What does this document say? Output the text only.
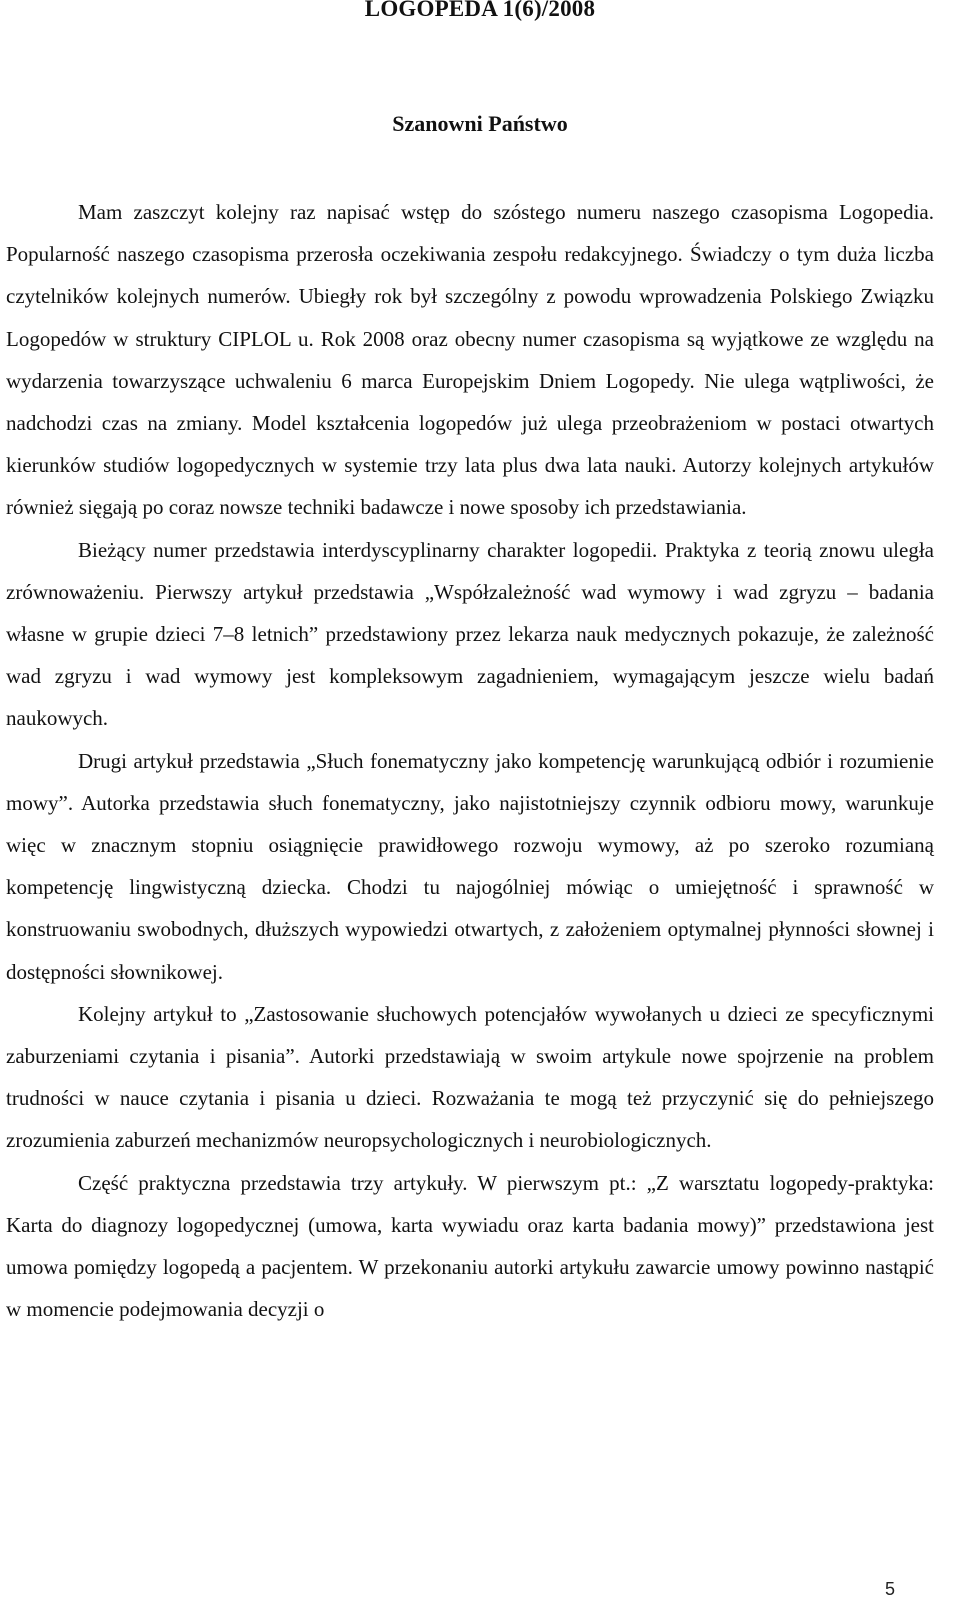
LOGOPEDA 1(6)/2008
Szanowni Państwo

Mam zaszczyt kolejny raz napisać wstęp do szóstego numeru naszego czasopisma Logopedia. Popularność naszego czasopisma przerosła oczekiwania zespołu redakcyjnego. Świadczy o tym duża liczba czytelników kolejnych numerów. Ubiegły rok był szczególny z powodu wprowadzenia Polskiego Związku Logopedów w struktury CIPLOL u. Rok 2008 oraz obecny numer czasopisma są wyjątkowe ze względu na wydarzenia towarzyszące uchwaleniu 6 marca Europejskim Dniem Logopedy. Nie ulega wątpliwości, że nadchodzi czas na zmiany. Model kształcenia logopedów już ulega przeobrażeniom w postaci otwartych kierunków studiów logopedycznych w systemie trzy lata plus dwa lata nauki. Autorzy kolejnych artykułów również sięgają po coraz nowsze techniki badawcze i nowe sposoby ich przedstawiania.

Bieżący numer przedstawia interdyscyplinarny charakter logopedii. Praktyka z teorią znowu uległa zrównoważeniu. Pierwszy artykuł przedstawia „Współzależność wad wymowy i wad zgryzu – badania własne w grupie dzieci 7–8 letnich” przedstawiony przez lekarza nauk medycznych pokazuje, że zależność wad zgryzu i wad wymowy jest kompleksowym zagadnieniem, wymagającym jeszcze wielu badań naukowych.

Drugi artykuł przedstawia „Słuch fonematyczny jako kompetencję warunkującą odbiór i rozumienie mowy”. Autorka przedstawia słuch fonematyczny, jako najistotniejszy czynnik odbioru mowy, warunkuje więc w znacznym stopniu osiągnięcie prawidłowego rozwoju wymowy, aż po szeroko rozumianą kompetencję lingwistyczną dziecka. Chodzi tu najogólniej mówiąc o umiejętność i sprawność w konstruowaniu swobodnych, dłuższych wypowiedzi otwartych, z założeniem optymalnej płynności słownej i dostępności słownikowej.

Kolejny artykuł to „Zastosowanie słuchowych potencjałów wywołanych u dzieci ze specyficznymi zaburzeniami czytania i pisania”. Autorki przedstawiają w swoim artykule nowe spojrzenie na problem trudności w nauce czytania i pisania u dzieci. Rozważania te mogą też przyczynić się do pełniejszego zrozumienia zaburzeń mechanizmów neuropsychologicznych i neurobiologicznych.

Część praktyczna przedstawia trzy artykuły. W pierwszym pt.: „Z warsztatu logopedy-praktyka: Karta do diagnozy logopedycznej (umowa, karta wywiadu oraz karta badania mowy)” przedstawiona jest umowa pomiędzy logopedą a pacjentem. W przekonaniu autorki artykułu zawarcie umowy powinno nastąpić w momencie podejmowania decyzji o

5
